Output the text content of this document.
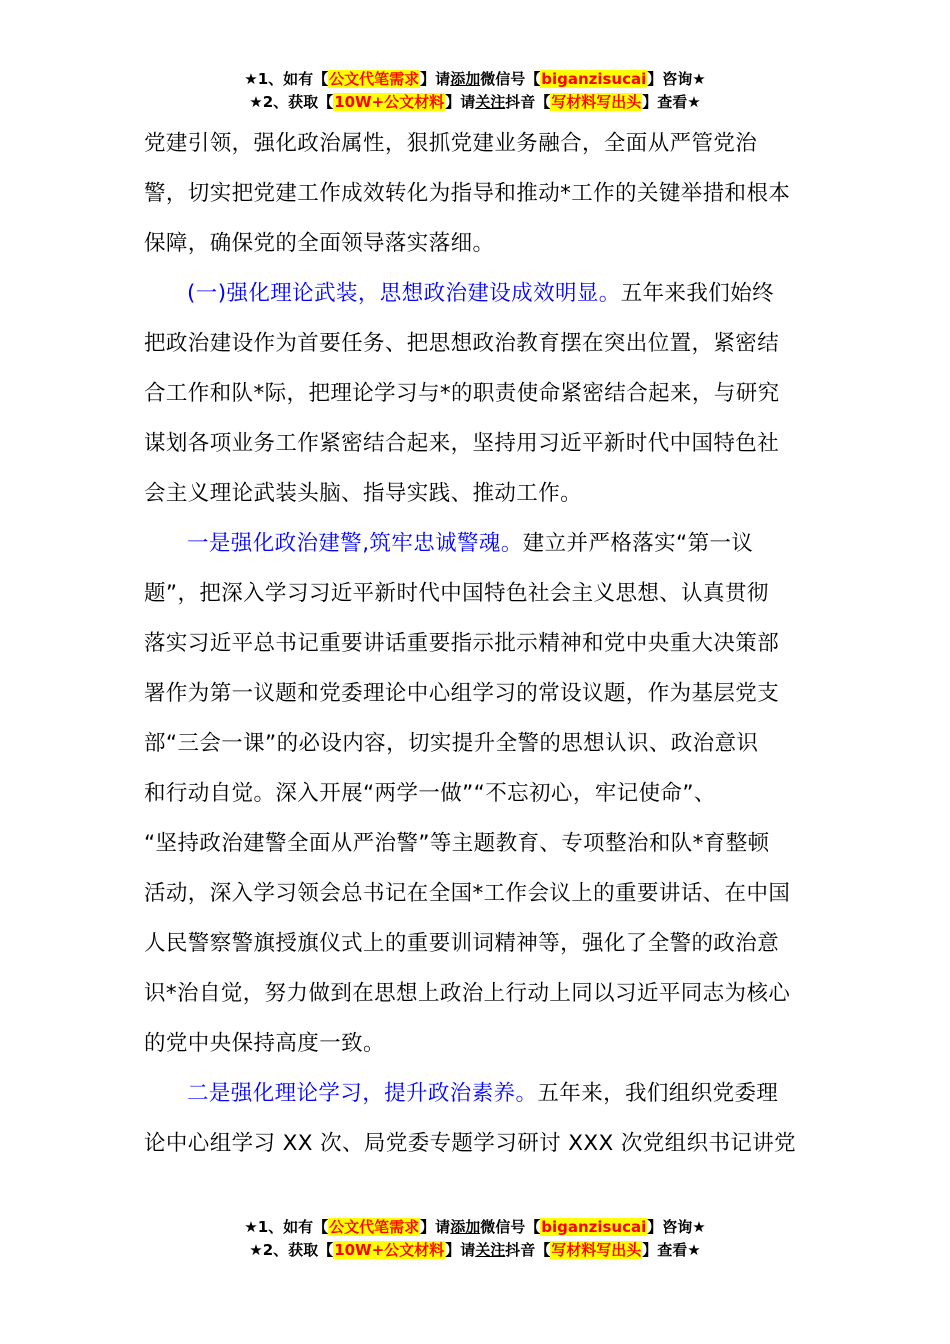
★1、如有【公文代笔需求】请添加微信号【biganzisucai】咨询★
★2、获取【10W+公文材料】请关注抖音【写材料写出头】查看★
党建引领，强化政治属性，狠抓党建业务融合，全面从严管党治
警，切实把党建工作成效转化为指导和推动*工作的关键举措和根本
保障，确保党的全面领导落实落细。
(一)强化理论武装，思想政治建设成效明显。五年来我们始终
把政治建设作为首要任务、把思想政治教育摆在突出位置，紧密结
合工作和队*际，把理论学习与*的职责使命紧密结合起来，与研究
谋划各项业务工作紧密结合起来，坚持用习近平新时代中国特色社
会主义理论武装头脑、指导实践、推动工作。
一是强化政治建警,筑牢忠诚警魂。建立并严格落实“第一议
题”，把深入学习习近平新时代中国特色社会主义思想、认真贯彻
落实习近平总书记重要讲话重要指示批示精神和党中央重大决策部
署作为第一议题和党委理论中心组学习的常设议题，作为基层党支
部“三会一课”的必设内容，切实提升全警的思想认识、政治意识
和行动自觉。深入开展“两学一做”“不忘初心，牢记使命”、
“坚持政治建警全面从严治警”等主题教育、专项整治和队*育整顿
活动，深入学习领会总书记在全国*工作会议上的重要讲话、在中国
人民警察警旗授旗仪式上的重要训词精神等，强化了全警的政治意
识*治自觉，努力做到在思想上政治上行动上同以习近平同志为核心
的党中央保持高度一致。
二是强化理论学习，提升政治素养。五年来，我们组织党委理
论中心组学习 XX 次、局党委专题学习研讨 XXX 次党组织书记讲党
★1、如有【公文代笔需求】请添加微信号【biganzisucai】咨询★
★2、获取【10W+公文材料】请关注抖音【写材料写出头】查看★
